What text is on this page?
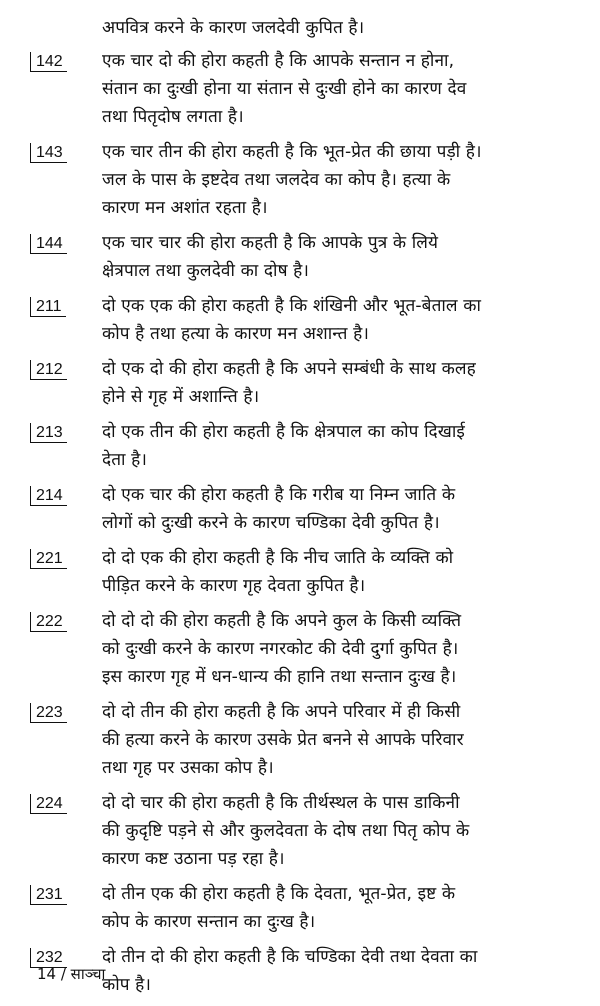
अपवित्र करने के कारण जलदेवी कुपित है।
142 एक चार दो की होरा कहती है कि आपके सन्तान न होना,
संतान का दुःखी होना या संतान से दुःखी होने का कारण देव
तथा पितृदोष लगता है।
143 एक चार तीन की होरा कहती है कि भूत-प्रेत की छाया पड़ी है।
जल के पास के इष्टदेव तथा जलदेव का कोप है। हत्या के
कारण मन अशांत रहता है।
144 एक चार चार की होरा कहती है कि आपके पुत्र के लिये
क्षेत्रपाल तथा कुलदेवी का दोष है।
211 दो एक एक की होरा कहती है कि शंखिनी और भूत-बेताल का
कोप है तथा हत्या के कारण मन अशान्त है।
212 दो एक दो की होरा कहती है कि अपने सम्बंधी के साथ कलह
होने से गृह में अशान्ति है।
213 दो एक तीन की होरा कहती है कि क्षेत्रपाल का कोप दिखाई
देता है।
214 दो एक चार की होरा कहती है कि गरीब या निम्न जाति के
लोगों को दुःखी करने के कारण चण्डिका देवी कुपित है।
221 दो दो एक की होरा कहती है कि नीच जाति के व्यक्ति को
पीड़ित करने के कारण गृह देवता कुपित है।
222 दो दो दो की होरा कहती है कि अपने कुल के किसी व्यक्ति
को दुःखी करने के कारण नगरकोट की देवी दुर्गा कुपित है।
इस कारण गृह में धन-धान्य की हानि तथा सन्तान दुःख है।
223 दो दो तीन की होरा कहती है कि अपने परिवार में ही किसी
की हत्या करने के कारण उसके प्रेत बनने से आपके परिवार
तथा गृह पर उसका कोप है।
224 दो दो चार की होरा कहती है कि तीर्थस्थल के पास डाकिनी
की कुदृष्टि पड़ने से और कुलदेवता के दोष तथा पितृ कोप के
कारण कष्ट उठाना पड़ रहा है।
231 दो तीन एक की होरा कहती है कि देवता, भूत-प्रेत, इष्ट के
कोप के कारण सन्तान का दुःख है।
232 दो तीन दो की होरा कहती है कि चण्डिका देवी तथा देवता का
कोप है।
14 / साञ्चा
